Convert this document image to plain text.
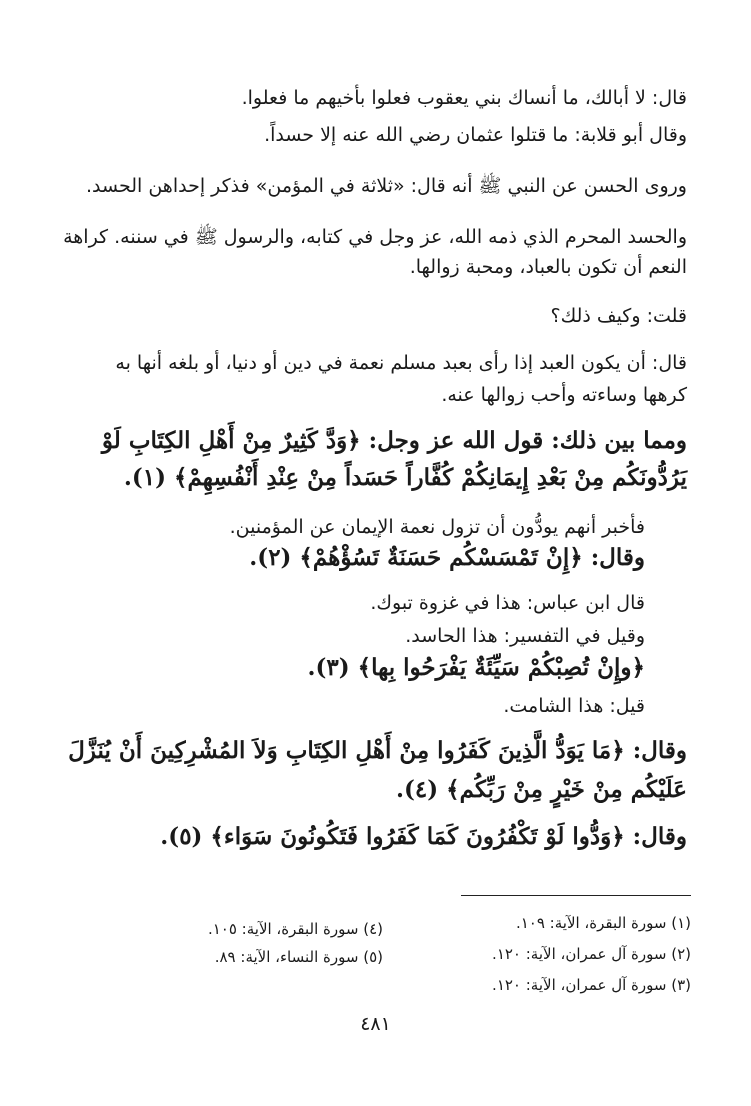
قال: لا أبالك، ما أنساك بني يعقوب فعلوا بأخيهم ما فعلوا.
وقال أبو قلابة: ما قتلوا عثمان رضي الله عنه إلا حسداً.
وروى الحسن عن النبي ﷺ أنه قال: «ثلاثة في المؤمن» فذكر إحداهن الحسد.
والحسد المحرم الذي ذمه الله، عز وجل في كتابه، والرسول ﷺ في سننه. كراهة
النعم أن تكون بالعباد، ومحبة زوالها.
قلت: وكيف ذلك؟
قال: أن يكون العبد إذا رأى بعبد مسلم نعمة في دين أو دنيا، أو بلغه أنها به
كرهها وساءته وأحب زوالها عنه.
ومما بين ذلك: قول الله عز وجل: ﴿وَدَّ كَثِيرٌ مِنْ أَهْلِ الكِتَابِ لَوْ
يَرُدُّونَكُم مِنْ بَعْدِ إِيمَانِكُمْ كُفَّاراً حَسَداً مِنْ عِنْدِ أَنْفُسِهِمْ﴾ (١).
فأخبر أنهم يودُّون أن تزول نعمة الإيمان عن المؤمنين.
وقال: ﴿إِنْ تَمْسَسْكُم حَسَنَةٌ تَسُؤْهُمْ﴾ (٢).
قال ابن عباس: هذا في غزوة تبوك.
وقيل في التفسير: هذا الحاسد.
﴿وإِنْ تُصِبْكُمْ سَيِّئَةٌ يَفْرَحُوا بِها﴾ (٣).
قيل: هذا الشامت.
وقال: ﴿مَا يَوَدُّ الَّذِينَ كَفَرُوا مِنْ أَهْلِ الكِتَابِ وَلاَ المُشْرِكِينَ أَنْ يُنَزَّلَ
عَلَيْكُم مِنْ خَيْرٍ مِنْ رَبِّكُم﴾ (٤).
وقال: ﴿وَدُّوا لَوْ تَكْفُرُونَ كَمَا كَفَرُوا فَتَكُونُونَ سَوَاء﴾ (٥).
(١) سورة البقرة، الآية: ١٠٩.
(٢) سورة آل عمران، الآية: ١٢٠.
(٣) سورة آل عمران، الآية: ١٢٠.
(٤) سورة البقرة، الآية: ١٠٥.
(٥) سورة النساء، الآية: ٨٩.
٤٨١
